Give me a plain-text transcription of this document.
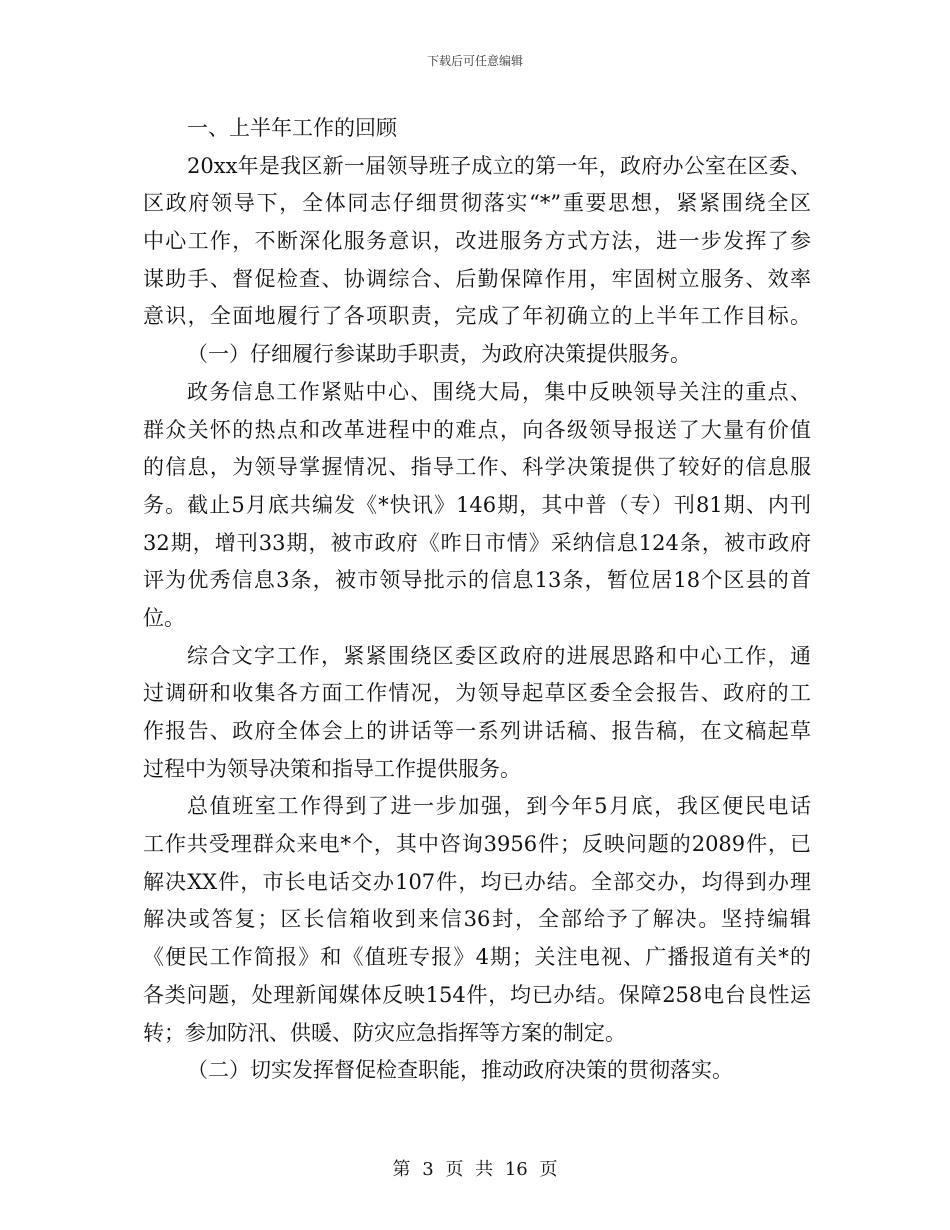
下载后可任意编辑
一、上半年工作的回顾
20xx年是我区新一届领导班子成立的第一年，政府办公室在区委、
区政府领导下，全体同志仔细贯彻落实“*”重要思想，紧紧围绕全区
中心工作，不断深化服务意识，改进服务方式方法，进一步发挥了参
谋助手、督促检查、协调综合、后勤保障作用，牢固树立服务、效率
意识，全面地履行了各项职责，完成了年初确立的上半年工作目标。
（一）仔细履行参谋助手职责，为政府决策提供服务。
政务信息工作紧贴中心、围绕大局，集中反映领导关注的重点、
群众关怀的热点和改革进程中的难点，向各级领导报送了大量有价值
的信息，为领导掌握情况、指导工作、科学决策提供了较好的信息服
务。截止5月底共编发《*快讯》146期，其中普（专）刊81期、内刊
32期，增刊33期，被市政府《昨日市情》采纳信息124条，被市政府
评为优秀信息3条，被市领导批示的信息13条，暂位居18个区县的首
位。
综合文字工作，紧紧围绕区委区政府的进展思路和中心工作，通
过调研和收集各方面工作情况，为领导起草区委全会报告、政府的工
作报告、政府全体会上的讲话等一系列讲话稿、报告稿，在文稿起草
过程中为领导决策和指导工作提供服务。
总值班室工作得到了进一步加强，到今年5月底，我区便民电话
工作共受理群众来电*个，其中咨询3956件；反映问题的2089件，已
解决XX件，市长电话交办107件，均已办结。全部交办，均得到办理
解决或答复；区长信箱收到来信36封，全部给予了解决。坚持编辑
《便民工作简报》和《值班专报》4期；关注电视、广播报道有关*的
各类问题，处理新闻媒体反映154件，均已办结。保障258电台良性运
转；参加防汛、供暖、防灾应急指挥等方案的制定。
（二）切实发挥督促检查职能，推动政府决策的贯彻落实。
第 3 页 共 16 页
